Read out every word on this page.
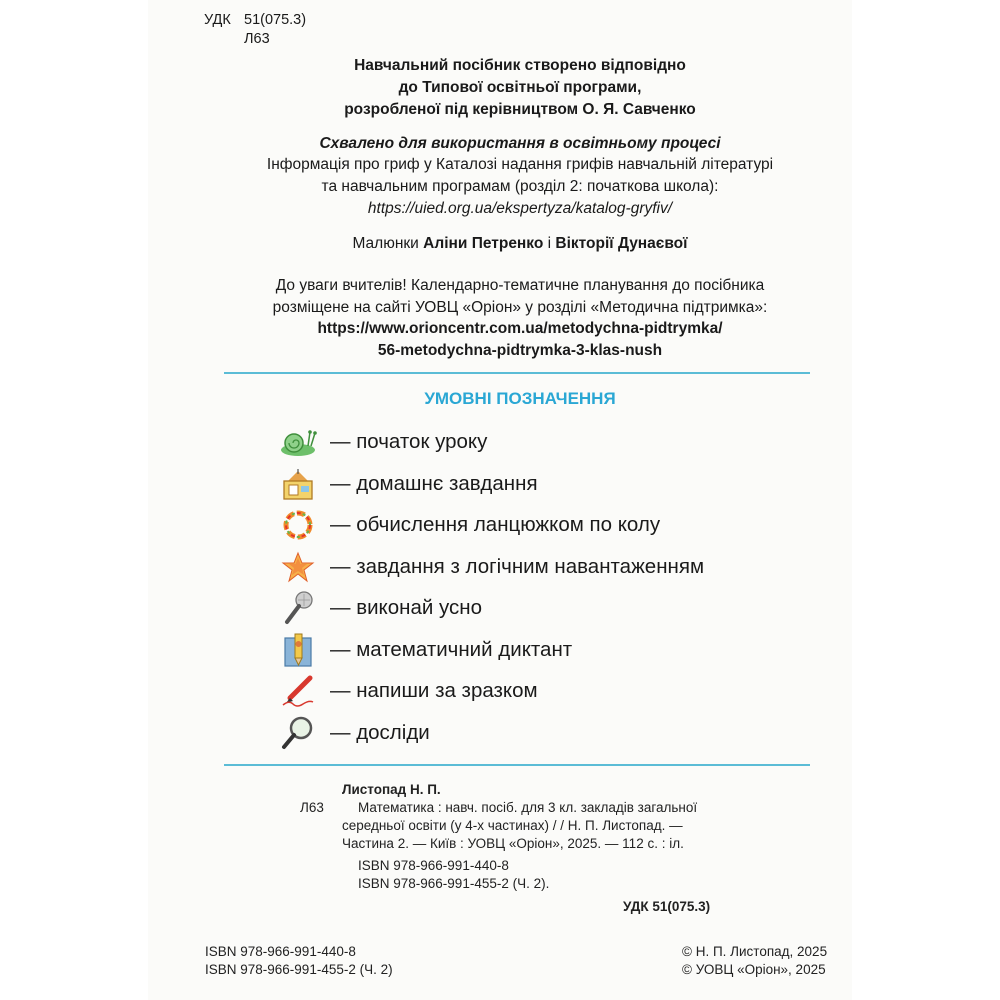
УДК 51(075.3)
Л63
Навчальний посібник створено відповідно
до Типової освітньої програми,
розробленої під керівництвом О. Я. Савченко
Схвалено для використання в освітньому процесі
Інформація про гриф у Каталозі надання грифів навчальній літературі
та навчальним програмам (розділ 2: початкова школа):
https://uied.org.ua/ekspertyza/katalog-gryfiv/
Малюнки Аліни Петренко і Вікторії Дунаєвої
До уваги вчителів! Календарно-тематичне планування до посібника
розміщене на сайті УОВЦ «Оріон» у розділі «Методична підтримка»:
https://www.orioncentr.com.ua/metodychna-pidtrymka/
56-metodychna-pidtrymka-3-klas-nush
УМОВНІ ПОЗНАЧЕННЯ
— початок уроку
— домашнє завдання
— обчислення ланцюжком по колу
— завдання з логічним навантаженням
— виконай усно
— математичний диктант
— напиши за зразком
— досліди
Листопад Н. П.
Л63	Математика : навч. посіб. для 3 кл. закладів загальної
середньої освіти (у 4-х частинах) / / Н. П. Листопад. —
Частина 2. — Київ : УОВЦ «Оріон», 2025. — 112 с. : іл.
ISBN 978-966-991-440-8
ISBN 978-966-991-455-2 (Ч. 2).
УДК 51(075.3)
ISBN 978-966-991-440-8
ISBN 978-966-991-455-2 (Ч. 2)
© Н. П. Листопад, 2025
© УОВЦ «Оріон», 2025
